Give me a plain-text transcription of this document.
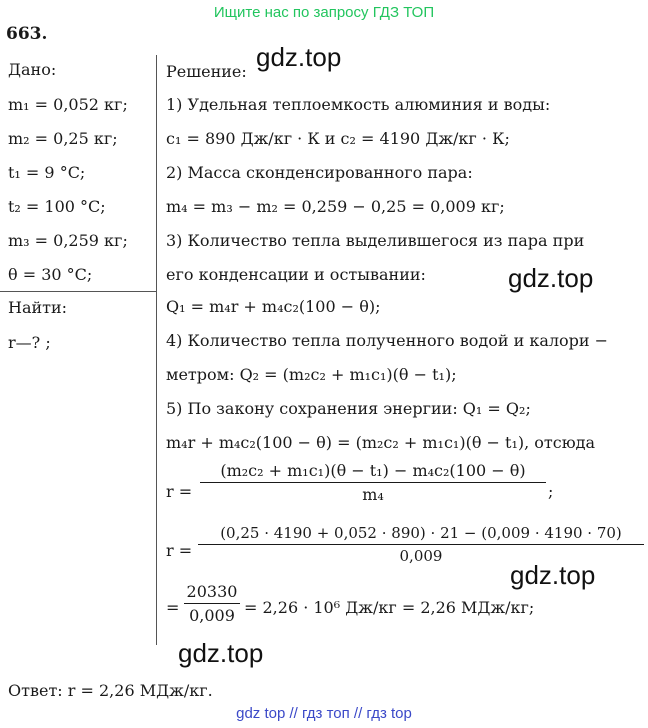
Ищите нас по запросу ГДЗ ТОП
663.
Дано:
m₁ = 0,052 кг;
m₂ = 0,25 кг;
t₁ = 9 °C;
t₂ = 100 °C;
m₃ = 0,259 кг;
θ = 30 °C;
Найти:
r—? ;
Решение:
1) Удельная теплоемкость алюминия и воды:
c₁ = 890 Дж/кг · К и c₂ = 4190 Дж/кг · К;
2) Масса сконденсированного пара:
m₄ = m₃ − m₂ = 0,259 − 0,25 = 0,009 кг;
3) Количество тепла выделившегося из пара при
его конденсации и остывании:
Q₁ = m₄r + m₄c₂(100 − θ);
4) Количество тепла полученного водой и калори −
метром: Q₂ = (m₂c₂ + m₁c₁)(θ − t₁);
5) По закону сохранения энергии: Q₁ = Q₂;
m₄r + m₄c₂(100 − θ) = (m₂c₂ + m₁c₁)(θ − t₁), отсюда
r =
(m₂c₂ + m₁c₁)(θ − t₁) − m₄c₂(100 − θ)
m₄	;
r =
(0,25 · 4190 + 0,052 · 890) · 21 − (0,009 · 4190 · 70)
0,009
=
20330
0,009 = 2,26 · 10⁶ Дж/кг = 2,26 МДж/кг;
Ответ: r = 2,26 МДж/кг.
gdz.top
gdz.top
gdz.top
gdz.top
gdz top // гдз топ // гдз top
